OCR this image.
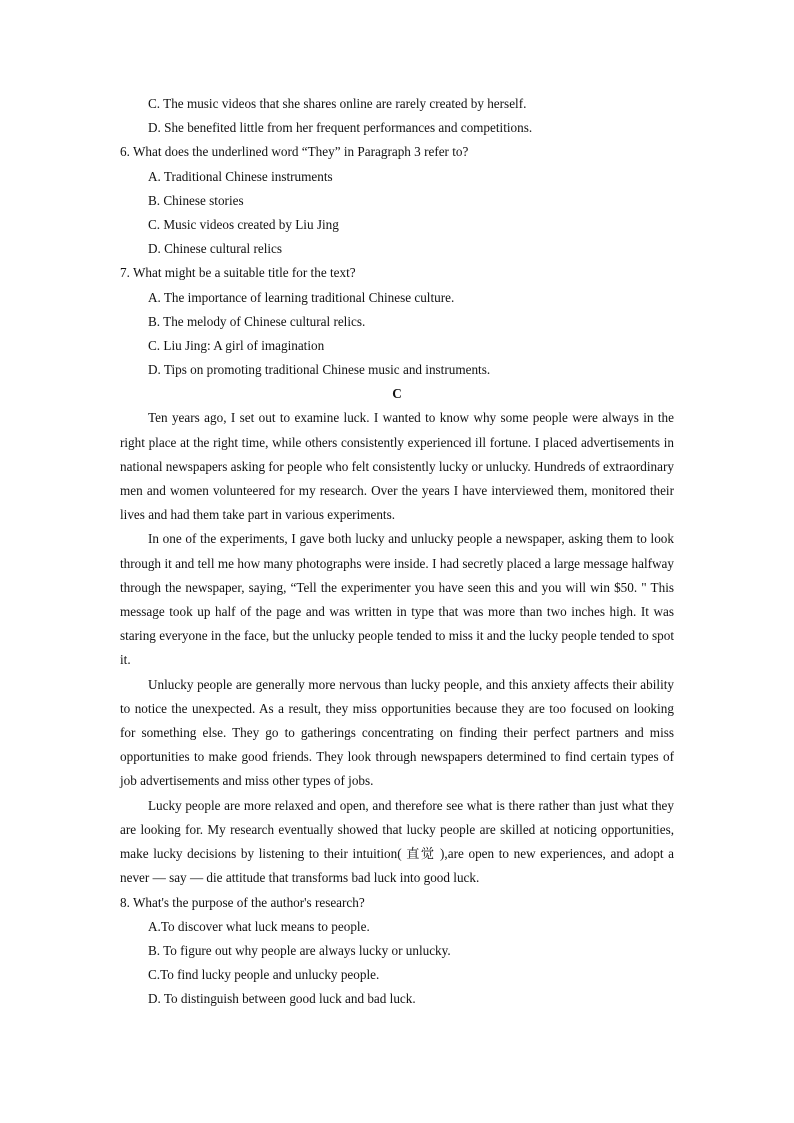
C. The music videos that she shares online are rarely created by herself.
D. She benefited little from her frequent performances and competitions.
6. What does the underlined word “They” in Paragraph 3 refer to?
A. Traditional Chinese instruments
B. Chinese stories
C. Music videos created by Liu Jing
D. Chinese cultural relics
7. What might be a suitable title for the text?
A. The importance of learning traditional Chinese culture.
B. The melody of Chinese cultural relics.
C. Liu Jing: A girl of imagination
D. Tips on promoting traditional Chinese music and instruments.
C

Ten years ago, I set out to examine luck. I wanted to know why some people were always in the right place at the right time, while others consistently experienced ill fortune. I placed advertisements in national newspapers asking for people who felt consistently lucky or unlucky. Hundreds of extraordinary men and women volunteered for my research. Over the years I have interviewed them, monitored their lives and had them take part in various experiments.

In one of the experiments, I gave both lucky and unlucky people a newspaper, asking them to look through it and tell me how many photographs were inside. I had secretly placed a large message halfway through the newspaper, saying, “Tell the experimenter you have seen this and you will win $50. " This message took up half of the page and was written in type that was more than two inches high. It was staring everyone in the face, but the unlucky people tended to miss it and the lucky people tended to spot it.

Unlucky people are generally more nervous than lucky people, and this anxiety affects their ability to notice the unexpected. As a result, they miss opportunities because they are too focused on looking for something else. They go to gatherings concentrating on finding their perfect partners and miss opportunities to make good friends. They look through newspapers determined to find certain types of job advertisements and miss other types of jobs.

Lucky people are more relaxed and open, and therefore see what is there rather than just what they are looking for. My research eventually showed that lucky people are skilled at noticing opportunities, make lucky decisions by listening to their intuition( 直觉 ),are open to new experiences, and adopt a never — say — die attitude that transforms bad luck into good luck.

8. What's the purpose of the author's research?
A.To discover what luck means to people.
B. To figure out why people are always lucky or unlucky.
C.To find lucky people and unlucky people.
D. To distinguish between good luck and bad luck.
